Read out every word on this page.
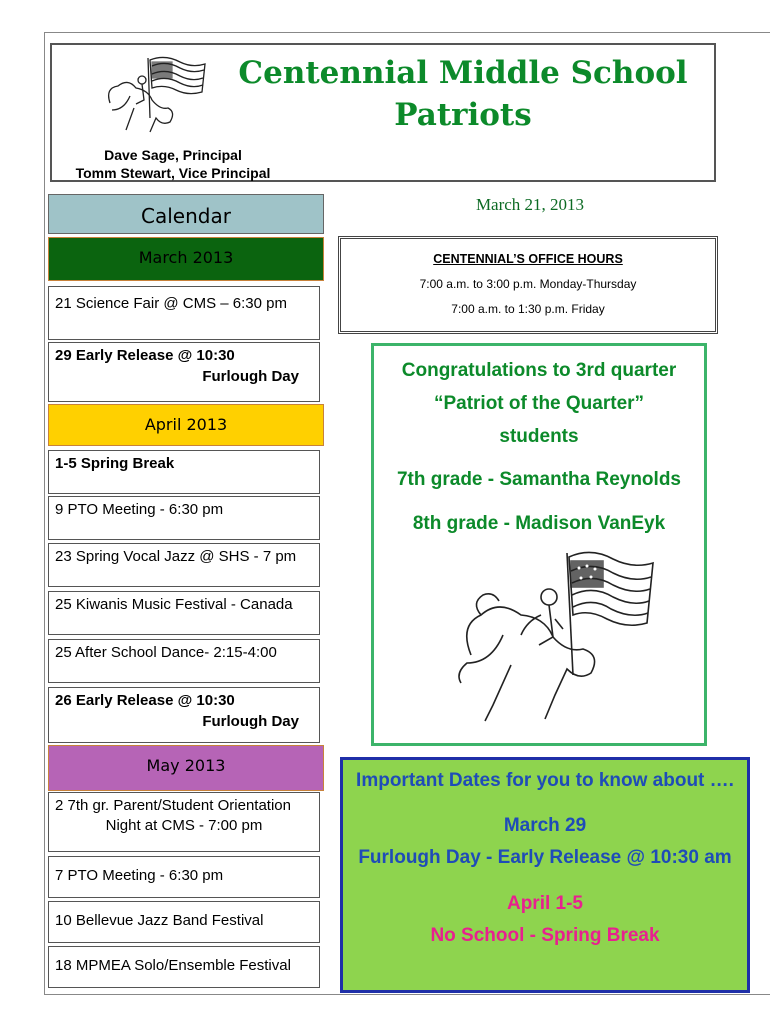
Centennial Middle School
Patriots
Dave Sage, Principal
Tomm Stewart, Vice Principal
March 21, 2013
Calendar
March 2013
21 Science Fair @ CMS – 6:30 pm
29 Early Release @ 10:30
Furlough Day
April 2013
1-5 Spring Break
9 PTO Meeting - 6:30 pm
23 Spring Vocal Jazz @ SHS - 7 pm
25 Kiwanis Music Festival - Canada
25 After School Dance- 2:15-4:00
26 Early Release @ 10:30
Furlough Day
May 2013
2 7th gr. Parent/Student Orientation
Night at CMS - 7:00 pm
7 PTO Meeting - 6:30 pm
10 Bellevue Jazz Band Festival
18 MPMEA Solo/Ensemble Festival
CENTENNIAL’S OFFICE HOURS
7:00 a.m. to 3:00 p.m. Monday-Thursday
7:00 a.m. to 1:30 p.m. Friday
Congratulations to 3rd quarter
“Patriot of the Quarter”
students
7th grade - Samantha Reynolds
8th grade - Madison VanEyk
Important Dates for you to know about ….
March 29
Furlough Day - Early Release @ 10:30 am
April 1-5
No School - Spring Break
